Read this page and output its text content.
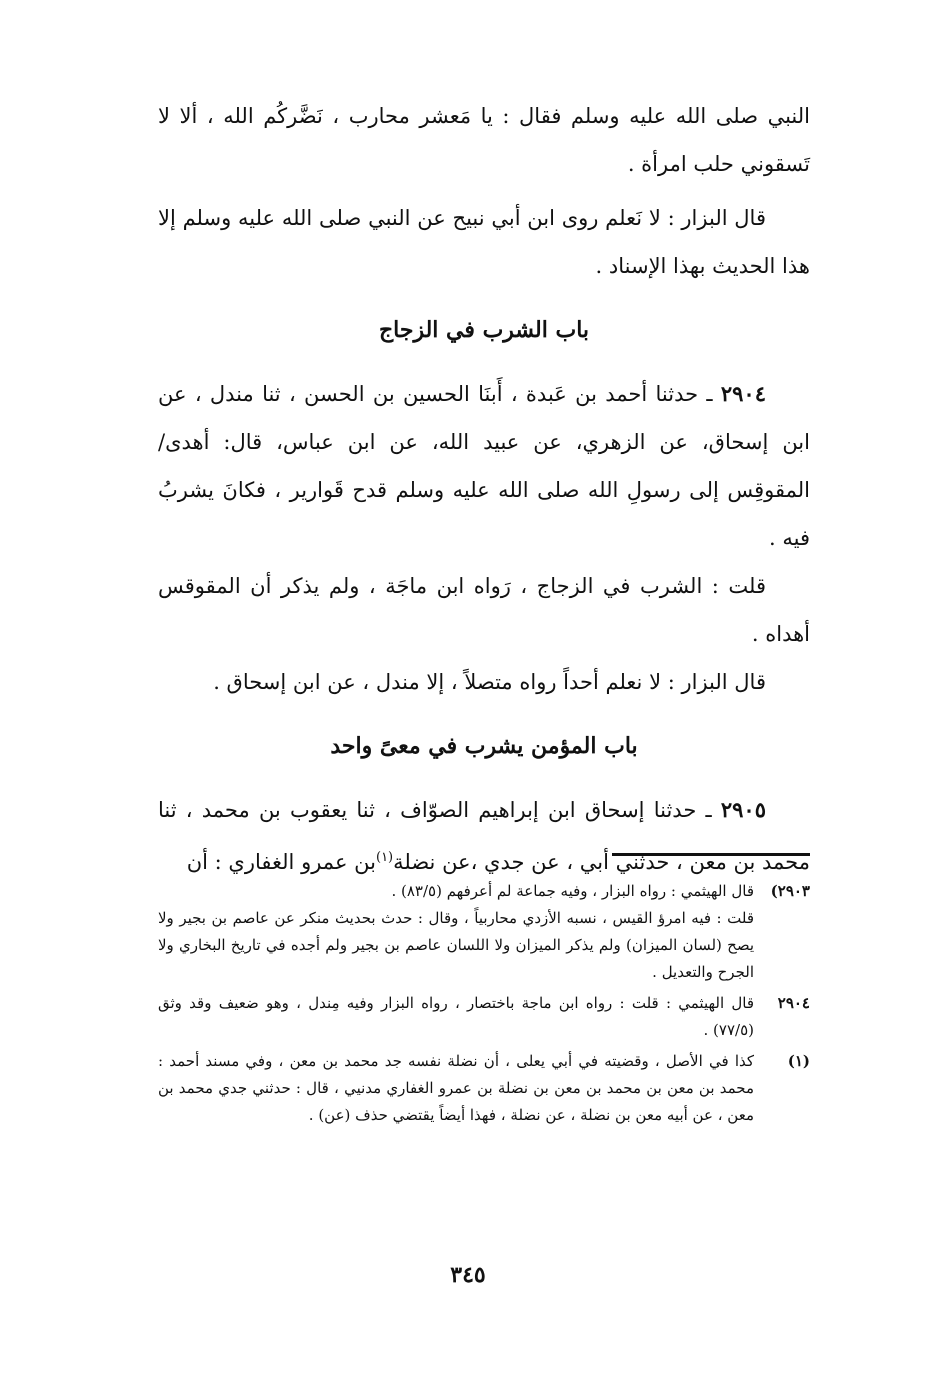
النبي صلى الله عليه وسلم فقال : يا مَعشر محارب ، نَضَّركُم الله ، ألا لا تَسقوني حلب امرأة .

قال البزار : لا نَعلم روى ابن أبي نبيح عن النبي صلى الله عليه وسلم إلا هذا الحديث بهذا الإسناد .

باب الشرب في الزجاج

٢٩٠٤ ـ حدثنا أحمد بن عَبدة ، أَبنَا الحسين بن الحسن ، ثنا مندل ، عن ابن إسحاق، عن الزهري، عن عبيد الله، عن ابن عباس، قال: أهدى/ المقوقِس إلى رسولِ الله صلى الله عليه وسلم قدح قَوارير ، فكانَ يشربُ فيه .

قلت : الشرب في الزجاج ، رَواه ابن ماجَة ، ولم يذكر أن المقوقس أهداه .

قال البزار : لا نعلم أحداً رواه متصلاً ، إلا مندل ، عن ابن إسحاق .

باب المؤمن يشرب في معىً واحد

٢٩٠٥ ـ حدثنا إسحاق ابن إبراهيم الصوّاف ، ثنا يعقوب بن محمد ، ثنا محمد بن معن ، حدثني أبي ، عن جدي ،عن نضلة$^{(١)}$بن عمرو الغفاري : أن

٢٩٠٣)

قال الهيثمي : رواه البزار ، وفيه جماعة لم أعرفهم (٨٣/٥) .

قلت : فيه امرؤ القيس ، نسبه الأزدي محاربياً ، وقال : حدث بحديث منكر عن عاصم بن بجير ولا يصح (لسان الميزان) ولم يذكر الميزان ولا اللسان عاصم بن بجير ولم أجده في تاريخ البخاري ولا الجرح والتعديل .

٢٩٠٤

قال الهيثمي : قلت : رواه ابن ماجة باختصار ، رواه البزار وفيه مِندل ، وهو ضعيف وقد وثق (٧٧/٥) .

(١)

كذا في الأصل ، وقضيته في أبي يعلى ، أن نضلة نفسه جد محمد بن معن ، وفي مسند أحمد : محمد بن معن بن محمد بن معن بن نضلة بن عمرو الغفاري مدنيي ، قال : حدثني جدي محمد بن معن ، عن أبيه معن بن نضلة ، عن نضلة ، فهذا أيضاً يقتضي حذف (عن) .

٣٤٥
